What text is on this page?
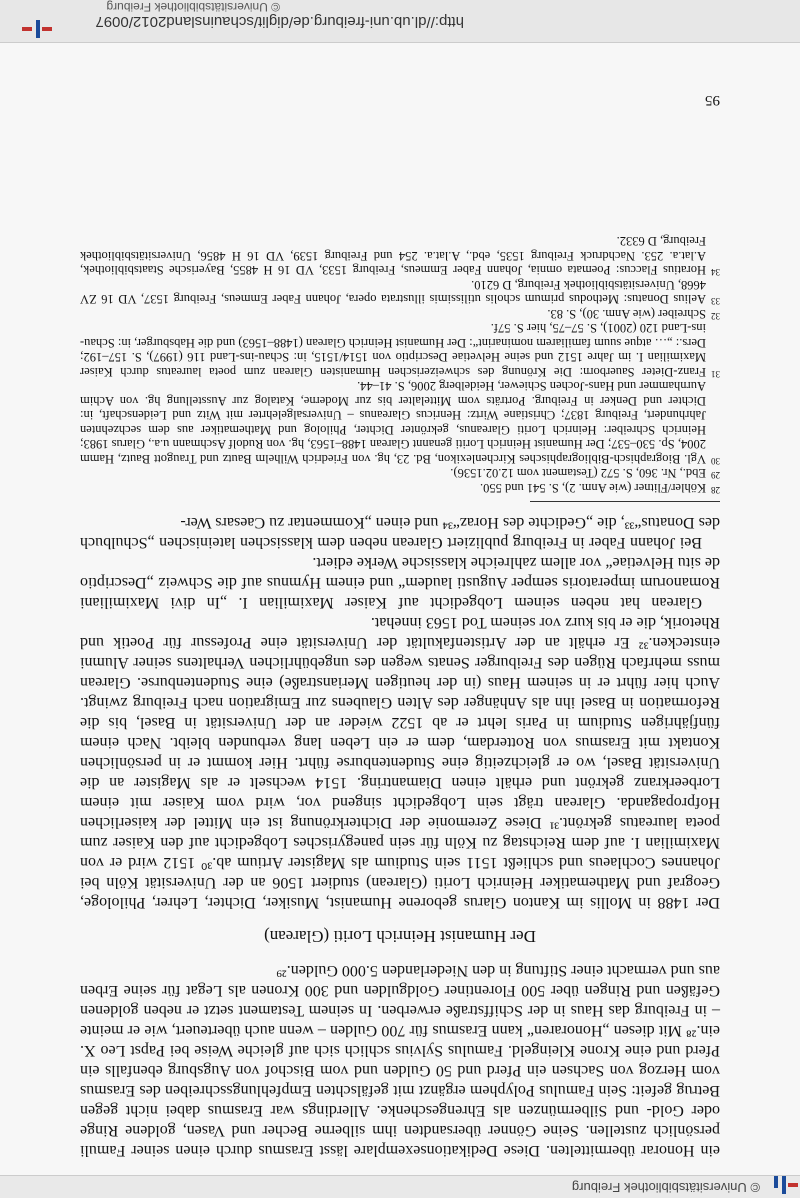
© Universitätsbibliothek Freiburg

ein Honorar übermittelten. Diese Dedikationsexemplare lässt Erasmus durch einen seiner Famuli persönlich zustellen. Seine Gönner übersandten ihm silberne Becher und Vasen, goldene Ringe oder Gold- und Silbermünzen als Ehrengeschenke. Allerdings war Erasmus dabei nicht gegen Betrug gefeit: Sein Famulus Polyphem ergänzt mit gefälschten Empfehlungsschreiben des Erasmus vom Herzog von Sachsen ein Pferd und 50 Gulden und vom Bischof von Augsburg ebenfalls ein Pferd und eine Krone Kleingeld. Famulus Sylvius schlich sich auf gleiche Weise bei Papst Leo X. ein.²⁸ Mit diesen „Honoraren“ kann Erasmus für 700 Gulden – wenn auch überteuert, wie er meinte – in Freiburg das Haus in der Schiffstraße erwerben. In seinem Testament setzt er neben goldenen Gefäßen und Ringen über 500 Florentiner Goldgulden und 300 Kronen als Legat für seine Erben aus und vermacht einer Stiftung in den Niederlanden 5.000 Gulden.²⁹

Der Humanist Heinrich Loriti (Glarean)

Der 1488 in Mollis im Kanton Glarus geborene Humanist, Musiker, Dichter, Lehrer, Philologe, Geograf und Mathematiker Heinrich Loriti (Glarean) studiert 1506 an der Universität Köln bei Johannes Cochlaeus und schließt 1511 sein Studium als Magister Artium ab.³⁰ 1512 wird er von Maximilian I. auf dem Reichstag zu Köln für sein panegyrisches Lobgedicht auf den Kaiser zum poeta laureatus gekrönt.³¹ Diese Zeremonie der Dichterkrönung ist ein Mittel der kaiserlichen Hofpropaganda. Glarean trägt sein Lobgedicht singend vor, wird vom Kaiser mit einem Lorbeerkranz gekrönt und erhält einen Diamantring. 1514 wechselt er als Magister an die Universität Basel, wo er gleichzeitig eine Studentenburse führt. Hier kommt er in persönlichen Kontakt mit Erasmus von Rotterdam, dem er ein Leben lang verbunden bleibt. Nach einem fünfjährigen Studium in Paris lehrt er ab 1522 wieder an der Universität in Basel, bis die Reformation in Basel ihn als Anhänger des Alten Glaubens zur Emigration nach Freiburg zwingt. Auch hier führt er in seinem Haus (in der heutigen Merianstraße) eine Studentenburse. Glarean muss mehrfach Rügen des Freiburger Senats wegen des ungebührlichen Verhaltens seiner Alumni einstecken.³² Er erhält an der Artistenfakultät der Universität eine Professur für Poetik und Rhetorik, die er bis kurz vor seinem Tod 1563 innehat.

Glarean hat neben seinem Lobgedicht auf Kaiser Maximilian I. „In divi Maximiliani Romanorum imperatoris semper Augusti laudem“ und einem Hymnus auf die Schweiz „Descriptio de situ Helvetiae“ vor allem zahlreiche klassische Werke ediert.

Bei Johann Faber in Freiburg publiziert Glarean neben dem klassischen lateinischen „Schulbuch des Donatus“³³, die „Gedichte des Horaz“³⁴ und einen „Kommentar zu Caesars Wer-

28
Köhler/Flitner (wie Anm. 2), S. 541 und 550.

29
Ebd., Nr. 360, S. 572 (Testament vom 12.02.1536).

30
Vgl. Biographisch-Bibliographisches Kirchenlexikon, Bd. 23, hg. von Friedrich Wilhelm Bautz und Traugott Bautz, Hamm 2004, Sp. 530–537; Der Humanist Heinrich Loriti genannt Glarean 1488–1563, hg. von Rudolf Aschmann u.a., Glarus 1983; Heinrich Schreiber: Heinrich Loriti Glareanus, gekrönter Dichter, Philolog und Mathematiker aus dem sechzehnten Jahrhundert, Freiburg 1837; Christiane Wirtz: Henricus Glareanus – Universalgelehrter mit Witz und Leidenschaft, in: Dichter und Denker in Freiburg. Porträts vom Mittelalter bis zur Moderne, Katalog zur Ausstellung hg. von Achim Aurnhammer und Hans-Jochen Schiewer, Heidelberg 2006, S. 41–44.

31
Franz-Dieter Sauerborn: Die Krönung des schweizerischen Humanisten Glarean zum poeta laureatus durch Kaiser Maximilian I. im Jahre 1512 und seine Helvetiae Descriptio von 1514/1515, in: Schau-ins-Land 116 (1997), S. 157–192; Ders.: „… atque suum familiarem nominarint“: Der Humanist Heinrich Glarean (1488–1563) und die Habsburger, in: Schau-ins-Land 120 (2001), S. 57–75, hier S. 57f.

32
Schreiber (wie Anm. 30), S. 83.

33
Aelius Donatus: Methodus primum scholis utilissimis illustrata opera, Johann Faber Emmeus, Freiburg 1537, VD 16 ZV 4668, Universitätsbibliothek Freiburg, D 6210.

34
Horatius Flaccus: Poemata omnia, Johann Faber Emmeus, Freiburg 1533, VD 16 H 4855, Bayerische Staatsbibliothek, A.lat.a. 253. Nachdruck Freiburg 1535, ebd., A.lat.a. 254 und Freiburg 1539, VD 16 H 4856, Universitätsbibliothek Freiburg, D 6332.

95
http://dl.ub.uni-freiburg.de/diglit/schauinsland2012/0097
© Universitätsbibliothek Freiburg
